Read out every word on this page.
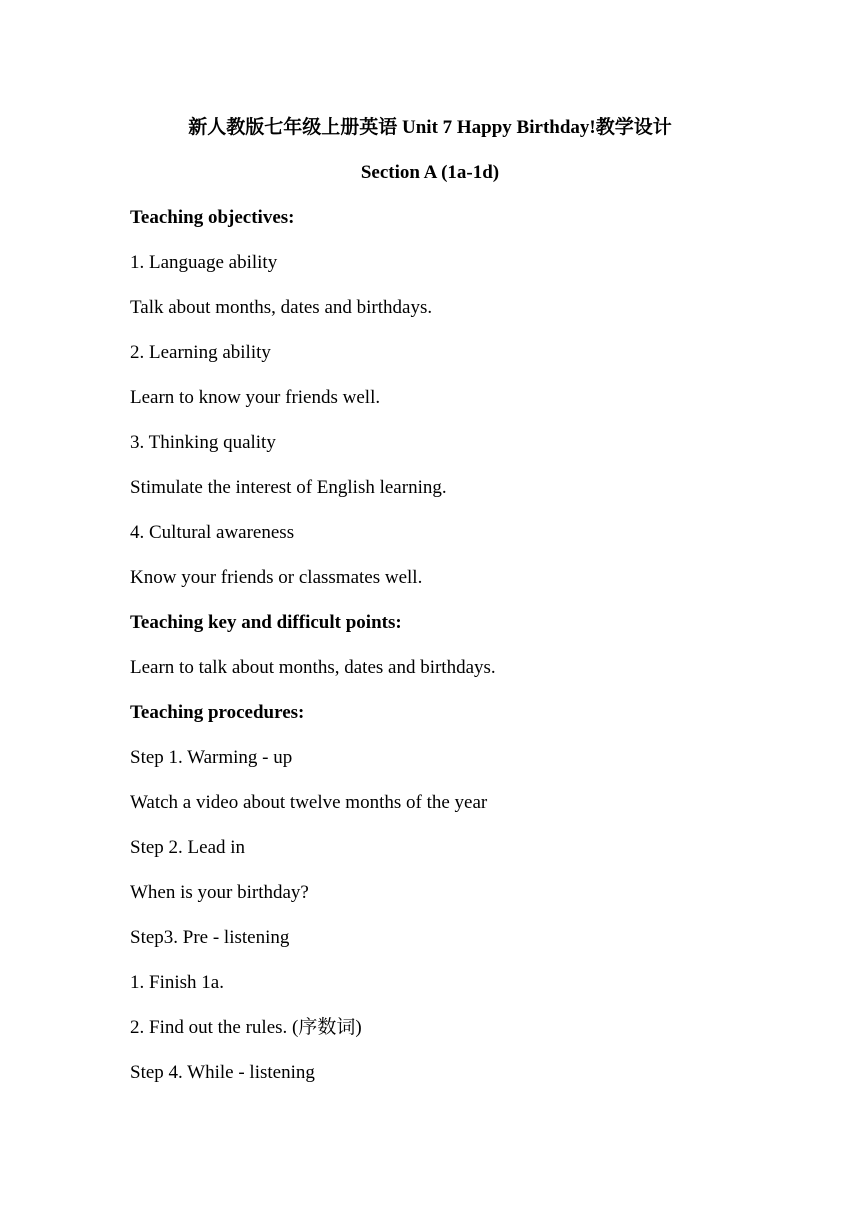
新人教版七年级上册英语 Unit 7 Happy Birthday!教学设计
Section A (1a-1d)
Teaching objectives:
1. Language ability
Talk about months, dates and birthdays.
2. Learning ability
Learn to know your friends well.
3. Thinking quality
Stimulate the interest of English learning.
4. Cultural awareness
Know your friends or classmates well.
Teaching key and difficult points:
Learn to talk about months, dates and birthdays.
Teaching procedures:
Step 1. Warming - up
Watch a video about twelve months of the year
Step 2. Lead in
When is your birthday?
Step3. Pre - listening
1. Finish 1a.
2. Find out the rules. (序数词)
Step 4. While - listening
